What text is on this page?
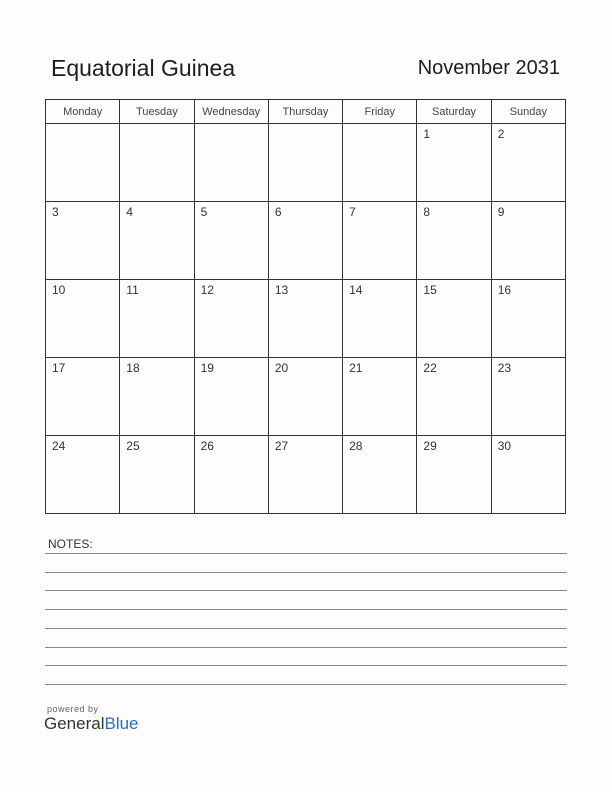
Equatorial Guinea	November 2031
Monday	Tuesday	Wednesday	Thursday	Friday	Saturday	Sunday

					1	2

3	4	5	6	7	8	9

10	11	12	13	14	15	16

17	18	19	20	21	22	23

24	25	26	27	28	29	30
NOTES:
powered by
GeneralBlue
